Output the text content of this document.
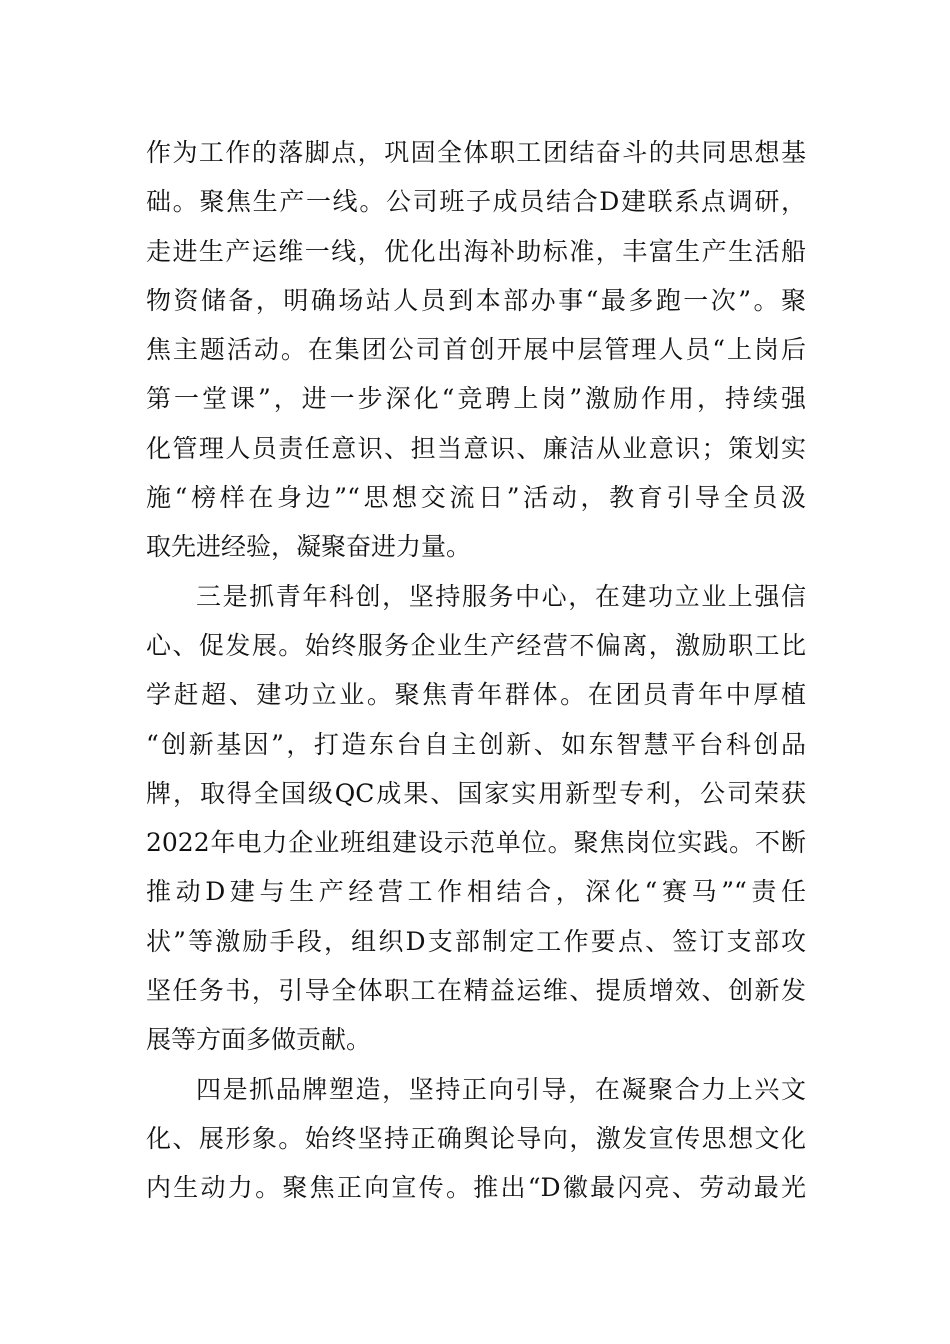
作为工作的落脚点，巩固全体职工团结奋斗的共同思想基
础。聚焦生产一线。公司班子成员结合D建联系点调研，
走进生产运维一线，优化出海补助标准，丰富生产生活船
物资储备，明确场站人员到本部办事“最多跑一次”。聚
焦主题活动。在集团公司首创开展中层管理人员“上岗后
第一堂课”，进一步深化“竞聘上岗”激励作用，持续强
化管理人员责任意识、担当意识、廉洁从业意识；策划实
施“榜样在身边”“思想交流日”活动，教育引导全员汲
取先进经验，凝聚奋进力量。
三是抓青年科创，坚持服务中心，在建功立业上强信
心、促发展。始终服务企业生产经营不偏离，激励职工比
学赶超、建功立业。聚焦青年群体。在团员青年中厚植
“创新基因”，打造东台自主创新、如东智慧平台科创品
牌，取得全国级QC成果、国家实用新型专利，公司荣获
2022年电力企业班组建设示范单位。聚焦岗位实践。不断
推动D建与生产经营工作相结合，深化“赛马”“责任
状”等激励手段，组织D支部制定工作要点、签订支部攻
坚任务书，引导全体职工在精益运维、提质增效、创新发
展等方面多做贡献。
四是抓品牌塑造，坚持正向引导，在凝聚合力上兴文
化、展形象。始终坚持正确舆论导向，激发宣传思想文化
内生动力。聚焦正向宣传。推出“D徽最闪亮、劳动最光
